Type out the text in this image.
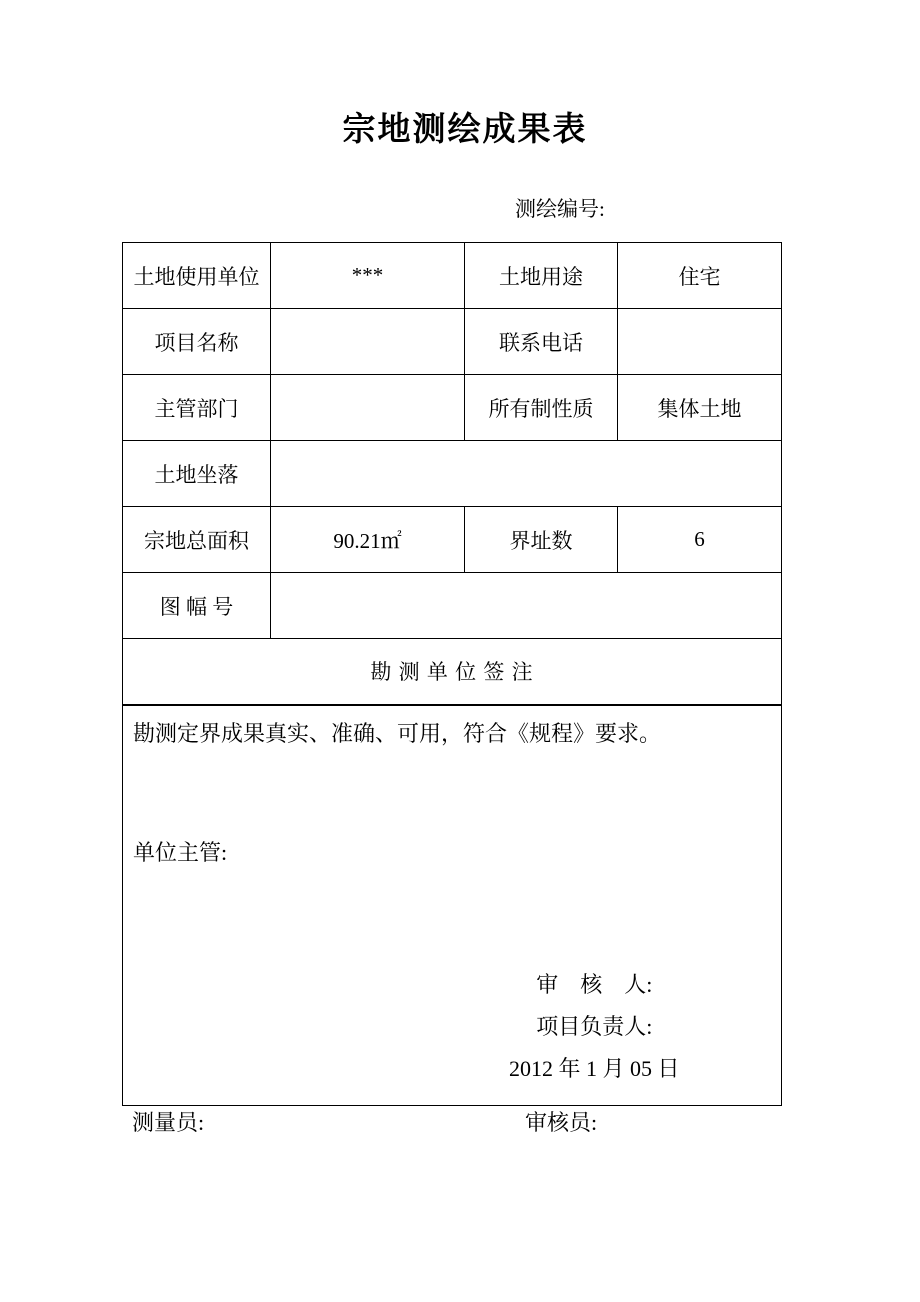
宗地测绘成果表
测绘编号:
土地使用单位	***	土地用途	住宅
项目名称		联系电话	
主管部门		所有制性质	集体土地
土地坐落			
宗地总面积	90.21㎡	界址数	6
图 幅 号			
勘 测 单 位 签 注			

勘测定界成果真实、准确、可用，符合《规程》要求。
单位主管:
审　核　人:
项目负责人:
2012 年 1 月 05 日			
测量员:	审核员:
